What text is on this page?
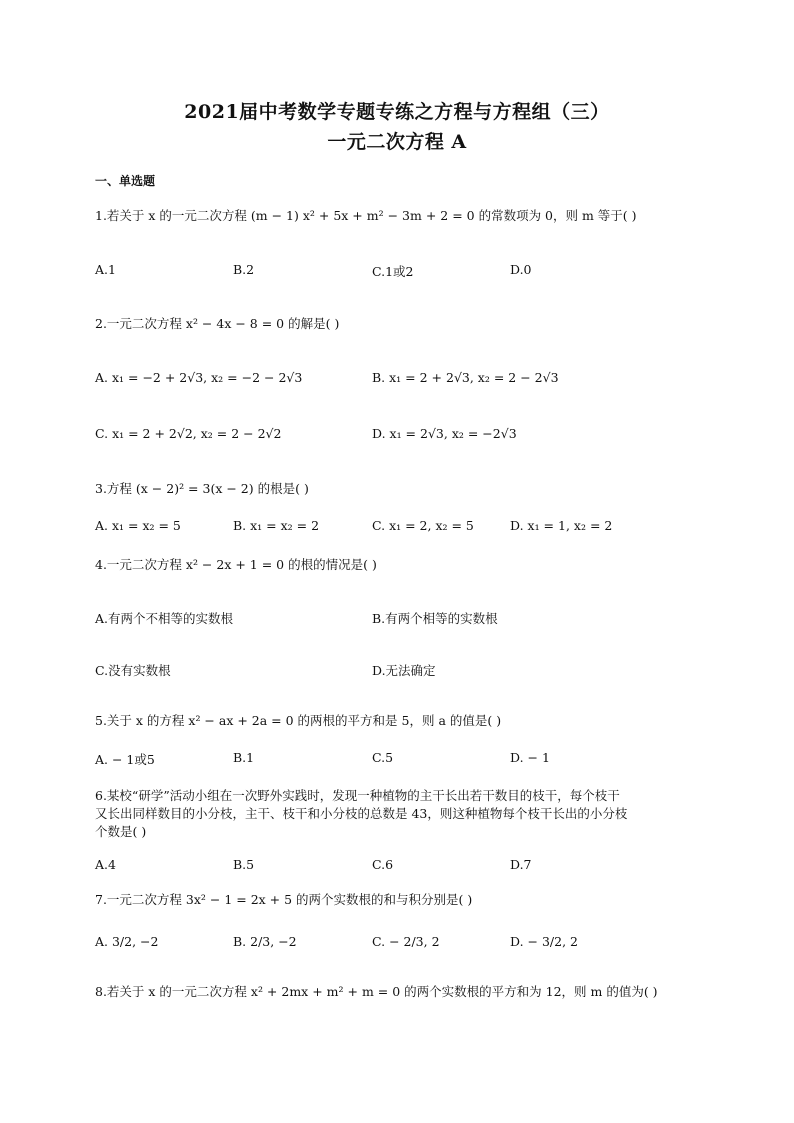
2021届中考数学专题专练之方程与方程组（三）
一元二次方程 A
一、单选题
1.若关于 x 的一元二次方程 (m − 1) x² + 5x + m² − 3m + 2 = 0 的常数项为 0，则 m 等于( )
A.1	B.2	C.1或2	D.0
2.一元二次方程 x² − 4x − 8 = 0 的解是( )
A. x₁ = −2 + 2√3, x₂ = −2 − 2√3	B. x₁ = 2 + 2√3, x₂ = 2 − 2√3
C. x₁ = 2 + 2√2, x₂ = 2 − 2√2	D. x₁ = 2√3, x₂ = −2√3
3.方程 (x − 2)² = 3(x − 2) 的根是( )
A. x₁ = x₂ = 5	B. x₁ = x₂ = 2	C. x₁ = 2, x₂ = 5	D. x₁ = 1, x₂ = 2
4.一元二次方程 x² − 2x + 1 = 0 的根的情况是( )
A.有两个不相等的实数根	B.有两个相等的实数根
C.没有实数根	D.无法确定
5.关于 x 的方程 x² − ax + 2a = 0 的两根的平方和是 5，则 a 的值是( )
A. − 1或5	B.1	C.5	D. − 1
6.某校“研学”活动小组在一次野外实践时，发现一种植物的主干长出若干数目的枝干，每个枝干
又长出同样数目的小分枝，主干、枝干和小分枝的总数是 43，则这种植物每个枝干长出的小分枝
个数是( )
A.4	B.5	C.6	D.7
7.一元二次方程 3x² − 1 = 2x + 5 的两个实数根的和与积分别是( )
A. 3/2, −2	B. 2/3, −2	C. − 2/3, 2	D. − 3/2, 2
8.若关于 x 的一元二次方程 x² + 2mx + m² + m = 0 的两个实数根的平方和为 12，则 m 的值为( )
